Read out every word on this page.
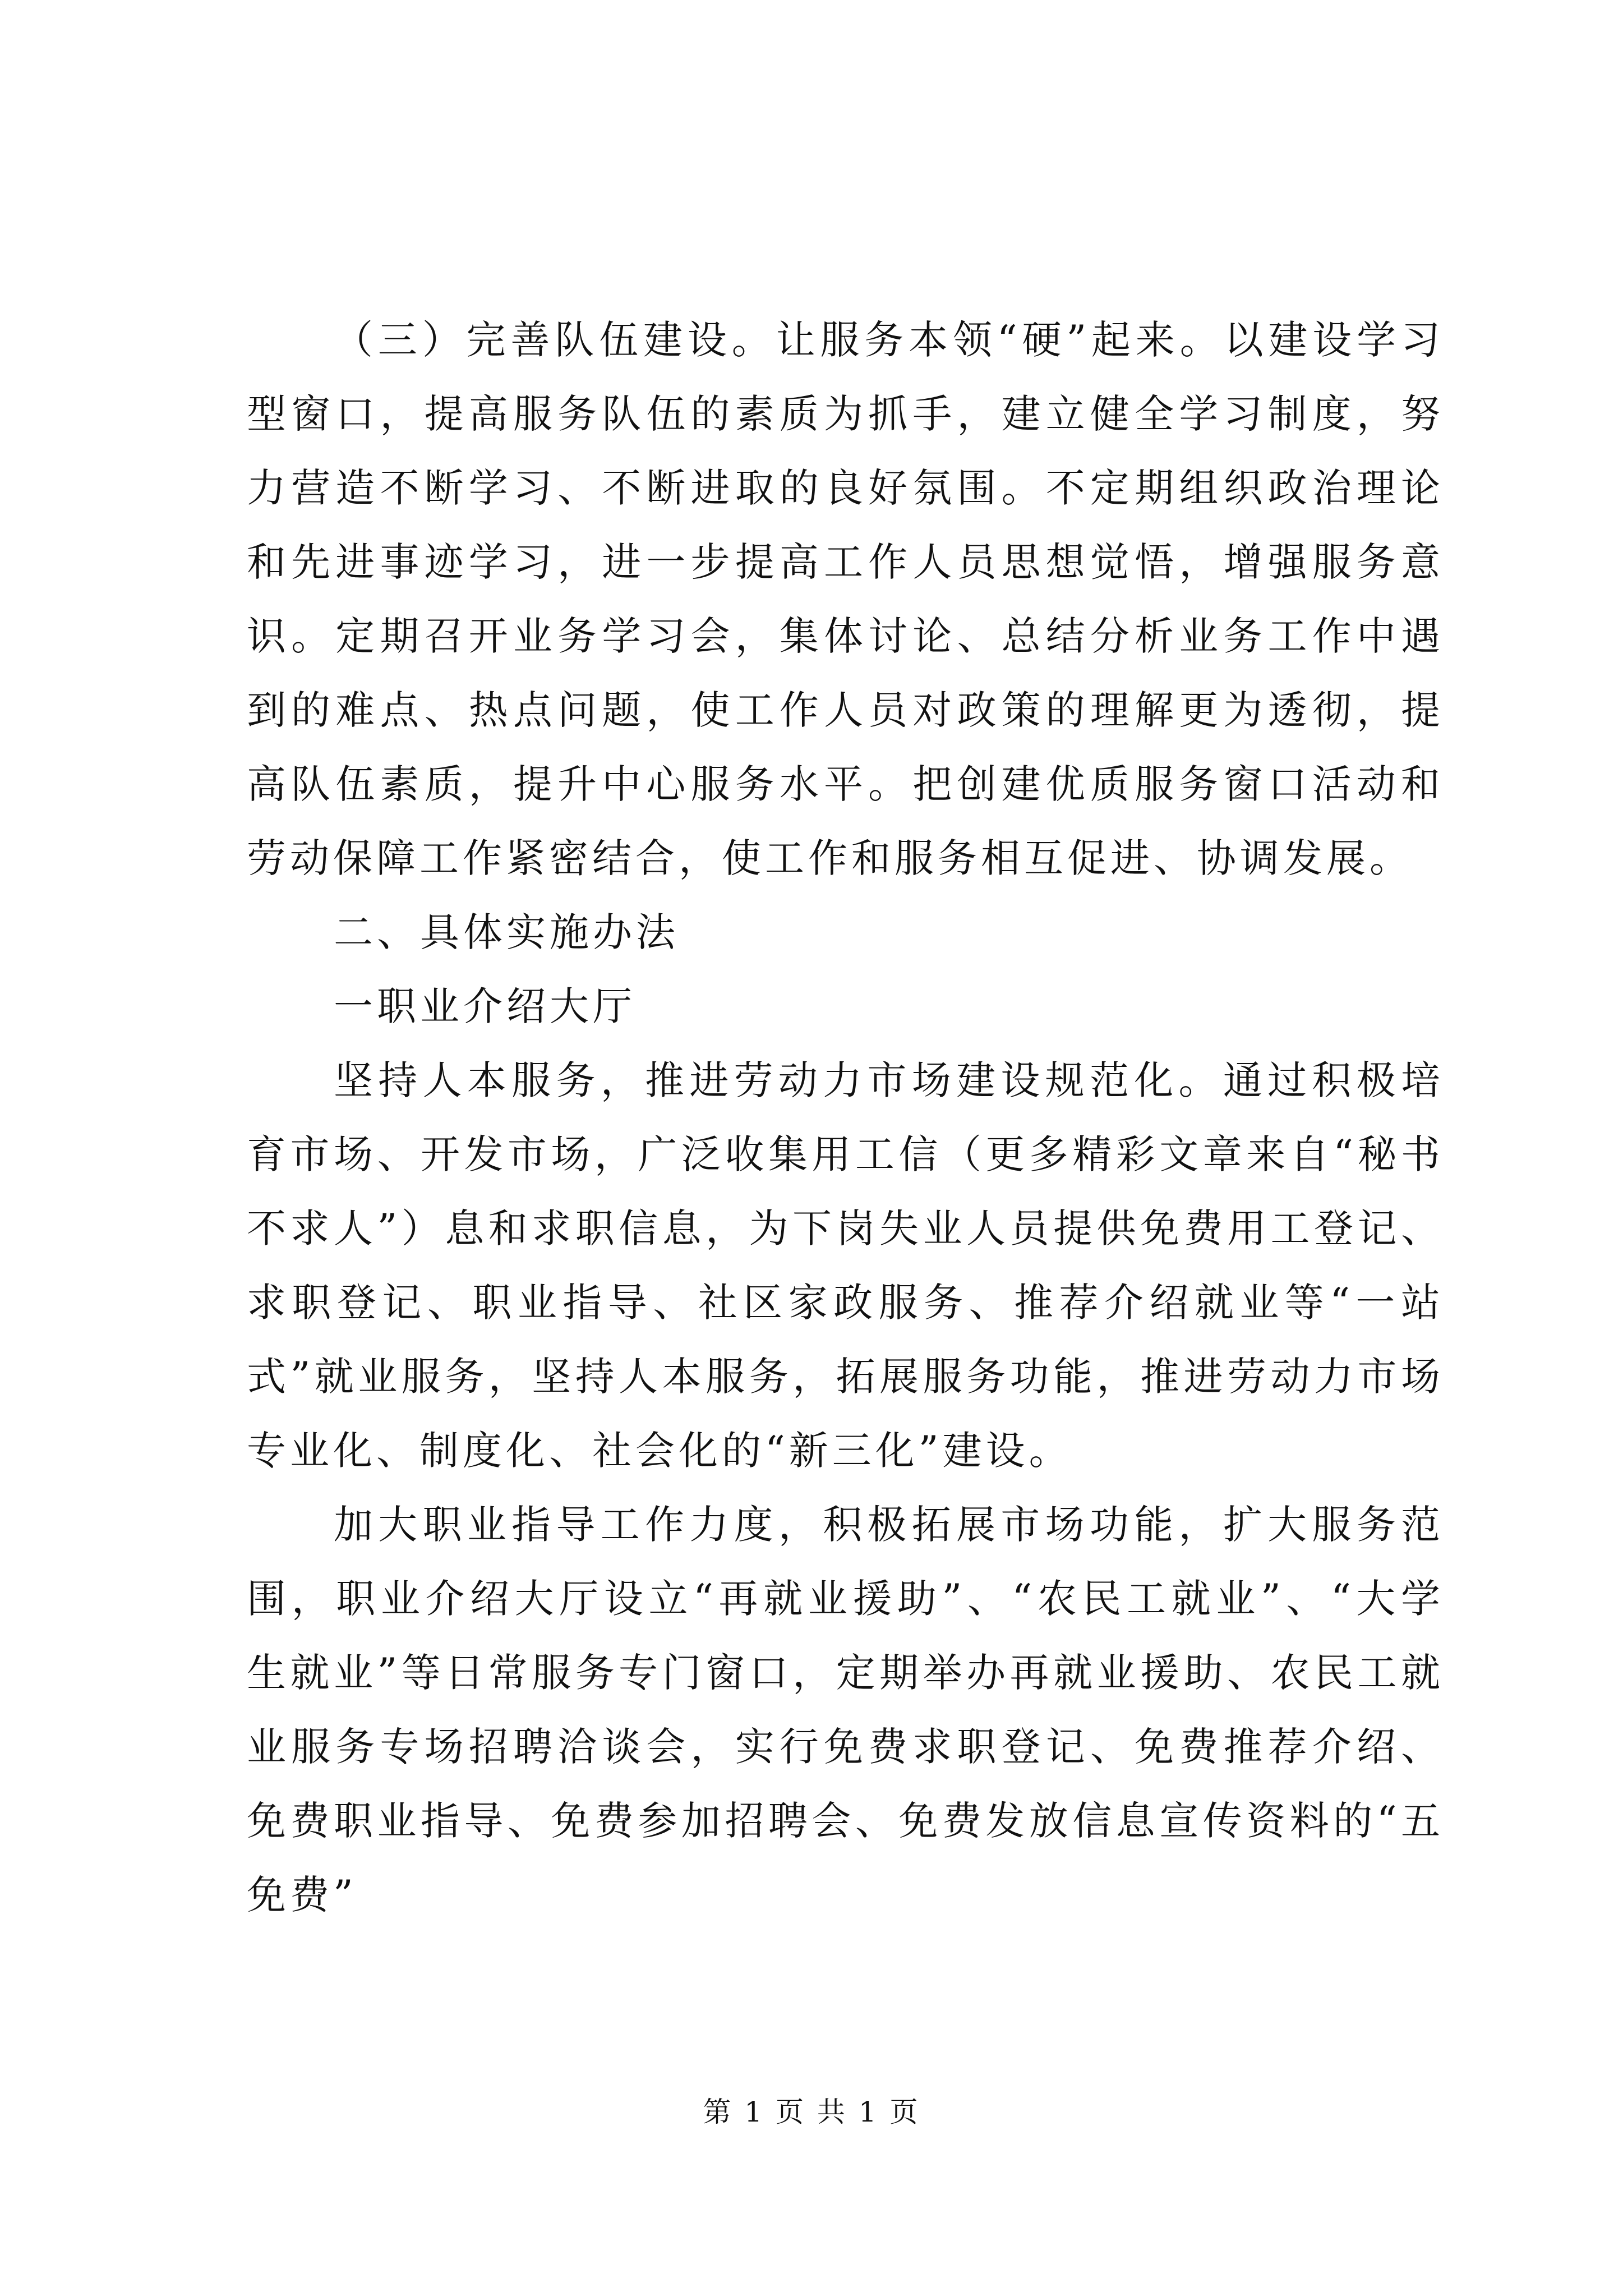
（三）完善队伍建设。让服务本领“硬”起来。以建设学习型窗口，提高服务队伍的素质为抓手，建立健全学习制度，努力营造不断学习、不断进取的良好氛围。不定期组织政治理论和先进事迹学习，进一步提高工作人员思想觉悟，增强服务意识。定期召开业务学习会，集体讨论、总结分析业务工作中遇到的难点、热点问题，使工作人员对政策的理解更为透彻，提高队伍素质，提升中心服务水平。把创建优质服务窗口活动和劳动保障工作紧密结合，使工作和服务相互促进、协调发展。

二、具体实施办法

一职业介绍大厅

坚持人本服务，推进劳动力市场建设规范化。通过积极培育市场、开发市场，广泛收集用工信（更多精彩文章来自“秘书不求人”）息和求职信息，为下岗失业人员提供免费用工登记、求职登记、职业指导、社区家政服务、推荐介绍就业等“一站式”就业服务，坚持人本服务，拓展服务功能，推进劳动力市场专业化、制度化、社会化的“新三化”建设。

加大职业指导工作力度，积极拓展市场功能，扩大服务范围，职业介绍大厅设立“再就业援助”、“农民工就业”、“大学生就业”等日常服务专门窗口，定期举办再就业援助、农民工就业服务专场招聘洽谈会，实行免费求职登记、免费推荐介绍、免费职业指导、免费参加招聘会、免费发放信息宣传资料的“五免费”

第 1 页 共 1 页
